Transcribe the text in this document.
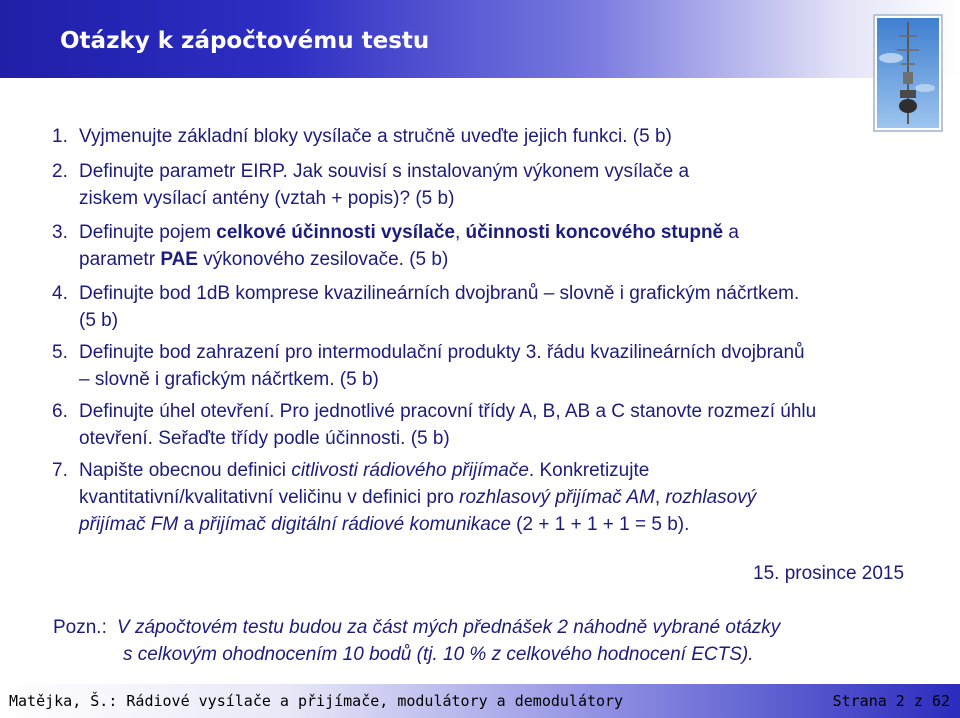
Otázky k zápočtovému testu
1. Vyjmenujte základní bloky vysílače a stručně uveďte jejich funkci. (5 b)
2. Definujte parametr EIRP. Jak souvisí s instalovaným výkonem vysílače a
ziskem vysílací antény (vztah + popis)? (5 b)
3. Definujte pojem celkové účinnosti vysílače, účinnosti koncového stupně a
parametr PAE výkonového zesilovače. (5 b)
4. Definujte bod 1dB komprese kvazilineárních dvojbranů – slovně i grafickým náčrtkem.
(5 b)
5. Definujte bod zahrazení pro intermodulační produkty 3. řádu kvazilineárních dvojbranů
– slovně i grafickým náčrtkem. (5 b)
6. Definujte úhel otevření. Pro jednotlivé pracovní třídy A, B, AB a C stanovte rozmezí úhlu
otevření. Seřaďte třídy podle účinnosti. (5 b)
7. Napište obecnou definici citlivosti rádiového přijímače. Konkretizujte
kvantitativní/kvalitativní veličinu v definici pro rozhlasový přijímač AM, rozhlasový
přijímač FM a přijímač digitální rádiové komunikace (2 + 1 + 1 + 1 = 5 b).
15. prosince 2015
Pozn.: V zápočtovém testu budou za část mých přednášek 2 náhodně vybrané otázky
s celkovým ohodnocením 10 bodů (tj. 10 % z celkového hodnocení ECTS).
Matějka, Š.: Rádiové vysílače a přijímače, modulátory a demodulátory	Strana 2 z 62
